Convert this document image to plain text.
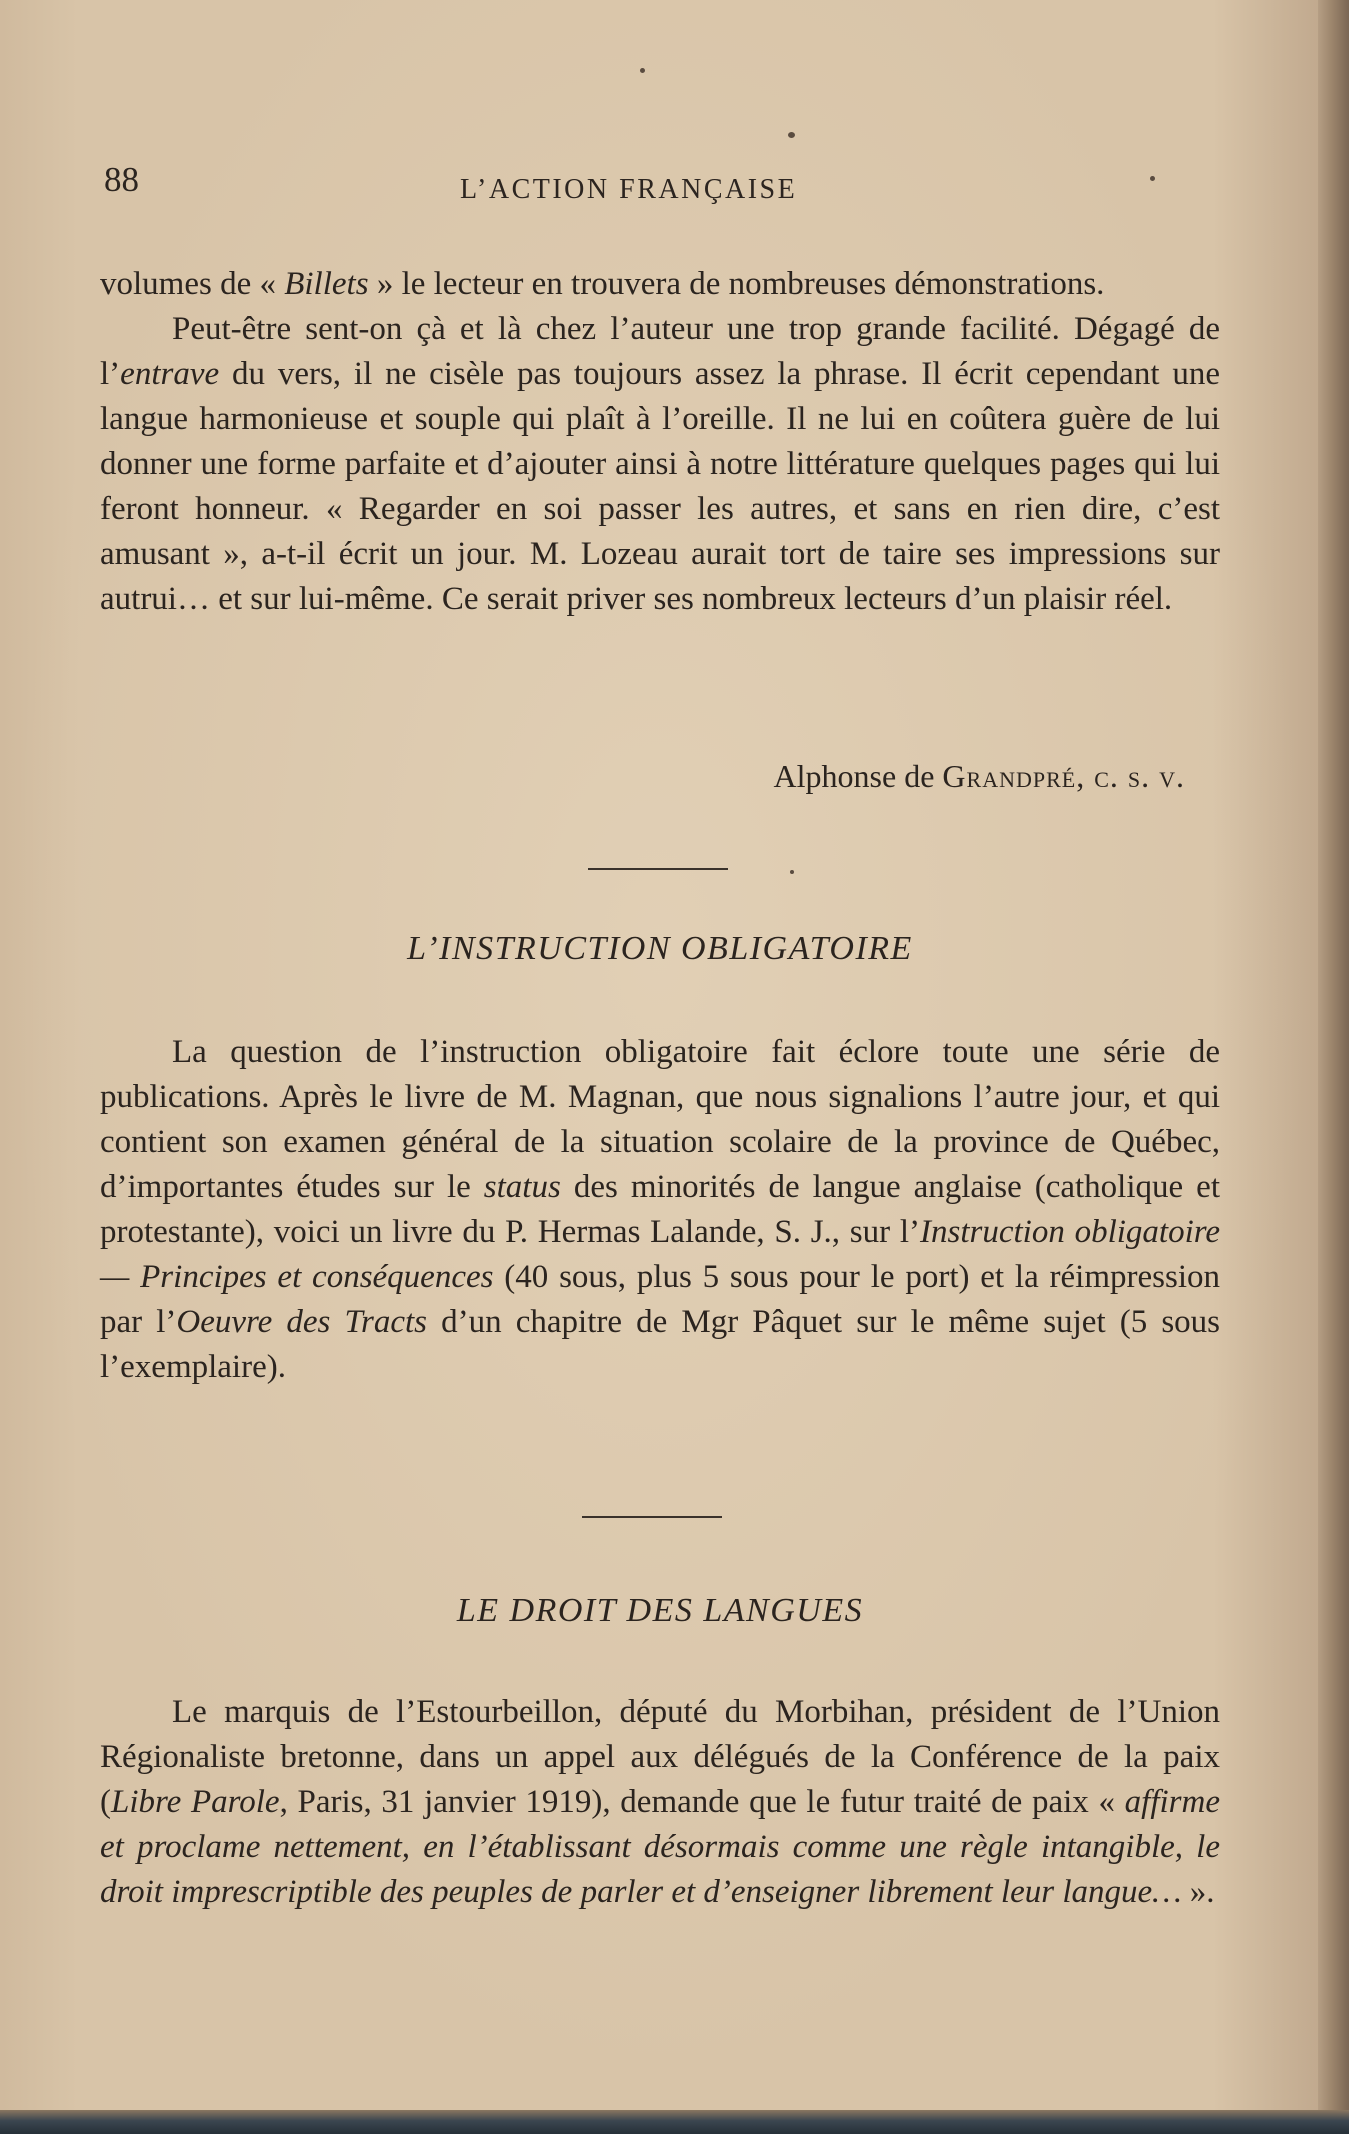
88	L’ACTION FRANÇAISE

volumes de « Billets » le lecteur en trouvera de nombreuses démonstrations.

Peut-être sent-on çà et là chez l’auteur une trop grande facilité. Dégagé de l’entrave du vers, il ne cisèle pas toujours assez la phrase. Il écrit cependant une langue harmonieuse et souple qui plaît à l’oreille. Il ne lui en coûtera guère de lui donner une forme parfaite et d’ajouter ainsi à notre littérature quelques pages qui lui feront honneur. « Regarder en soi passer les autres, et sans en rien dire, c’est amusant », a-t-il écrit un jour. M. Lozeau aurait tort de taire ses impressions sur autrui… et sur lui-même. Ce serait priver ses nombreux lecteurs d’un plaisir réel.

Alphonse de Grandpré, c. s. v.
L’INSTRUCTION OBLIGATOIRE

La question de l’instruction obligatoire fait éclore toute une série de publications. Après le livre de M. Magnan, que nous signalions l’autre jour, et qui contient son examen général de la situation scolaire de la province de Québec, d’importantes études sur le status des minorités de langue anglaise (catholique et protestante), voici un livre du P. Hermas Lalande, S. J., sur l’Instruction obligatoire — Principes et conséquences (40 sous, plus 5 sous pour le port) et la réimpression par l’Oeuvre des Tracts d’un chapitre de Mgr Pâquet sur le même sujet (5 sous l’exemplaire).

LE DROIT DES LANGUES

Le marquis de l’Estourbeillon, député du Morbihan, président de l’Union Régionaliste bretonne, dans un appel aux délégués de la Conférence de la paix (Libre Parole, Paris, 31 janvier 1919), demande que le futur traité de paix « affirme et proclame nettement, en l’établissant désormais comme une règle intangible, le droit imprescriptible des peuples de parler et d’enseigner librement leur langue… ».
